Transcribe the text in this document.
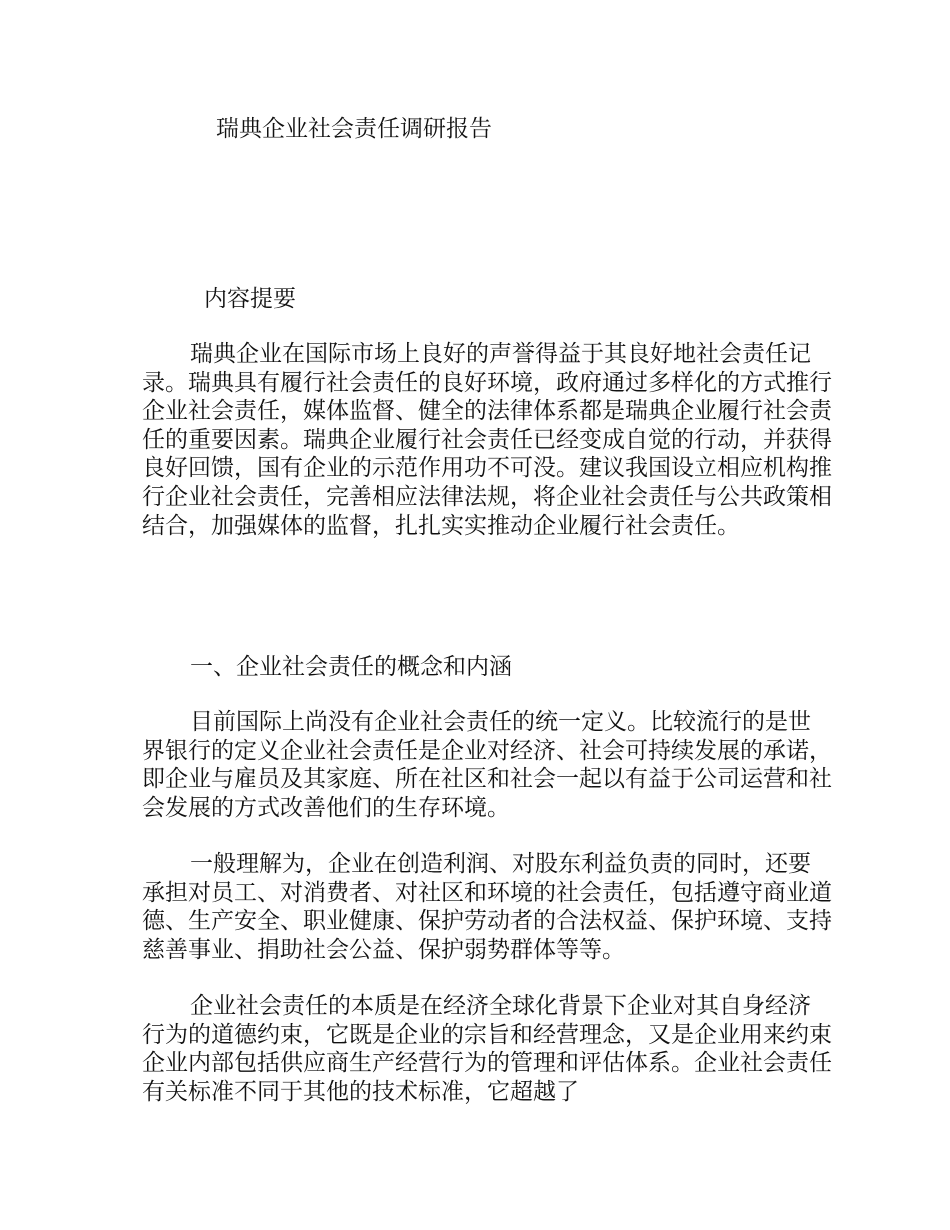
瑞典企业社会责任调研报告
内容提要

瑞典企业在国际市场上良好的声誉得益于其良好地社会责任记录。瑞典具有履行社会责任的良好环境，政府通过多样化的方式推行企业社会责任，媒体监督、健全的法律体系都是瑞典企业履行社会责任的重要因素。瑞典企业履行社会责任已经变成自觉的行动，并获得良好回馈，国有企业的示范作用功不可没。建议我国设立相应机构推行企业社会责任，完善相应法律法规，将企业社会责任与公共政策相结合，加强媒体的监督，扎扎实实推动企业履行社会责任。

一、企业社会责任的概念和内涵

目前国际上尚没有企业社会责任的统一定义。比较流行的是世界银行的定义企业社会责任是企业对经济、社会可持续发展的承诺，即企业与雇员及其家庭、所在社区和社会一起以有益于公司运营和社会发展的方式改善他们的生存环境。

一般理解为，企业在创造利润、对股东利益负责的同时，还要承担对员工、对消费者、对社区和环境的社会责任，包括遵守商业道德、生产安全、职业健康、保护劳动者的合法权益、保护环境、支持慈善事业、捐助社会公益、保护弱势群体等等。

企业社会责任的本质是在经济全球化背景下企业对其自身经济行为的道德约束，它既是企业的宗旨和经营理念，又是企业用来约束企业内部包括供应商生产经营行为的管理和评估体系。企业社会责任有关标准不同于其他的技术标准，它超越了
